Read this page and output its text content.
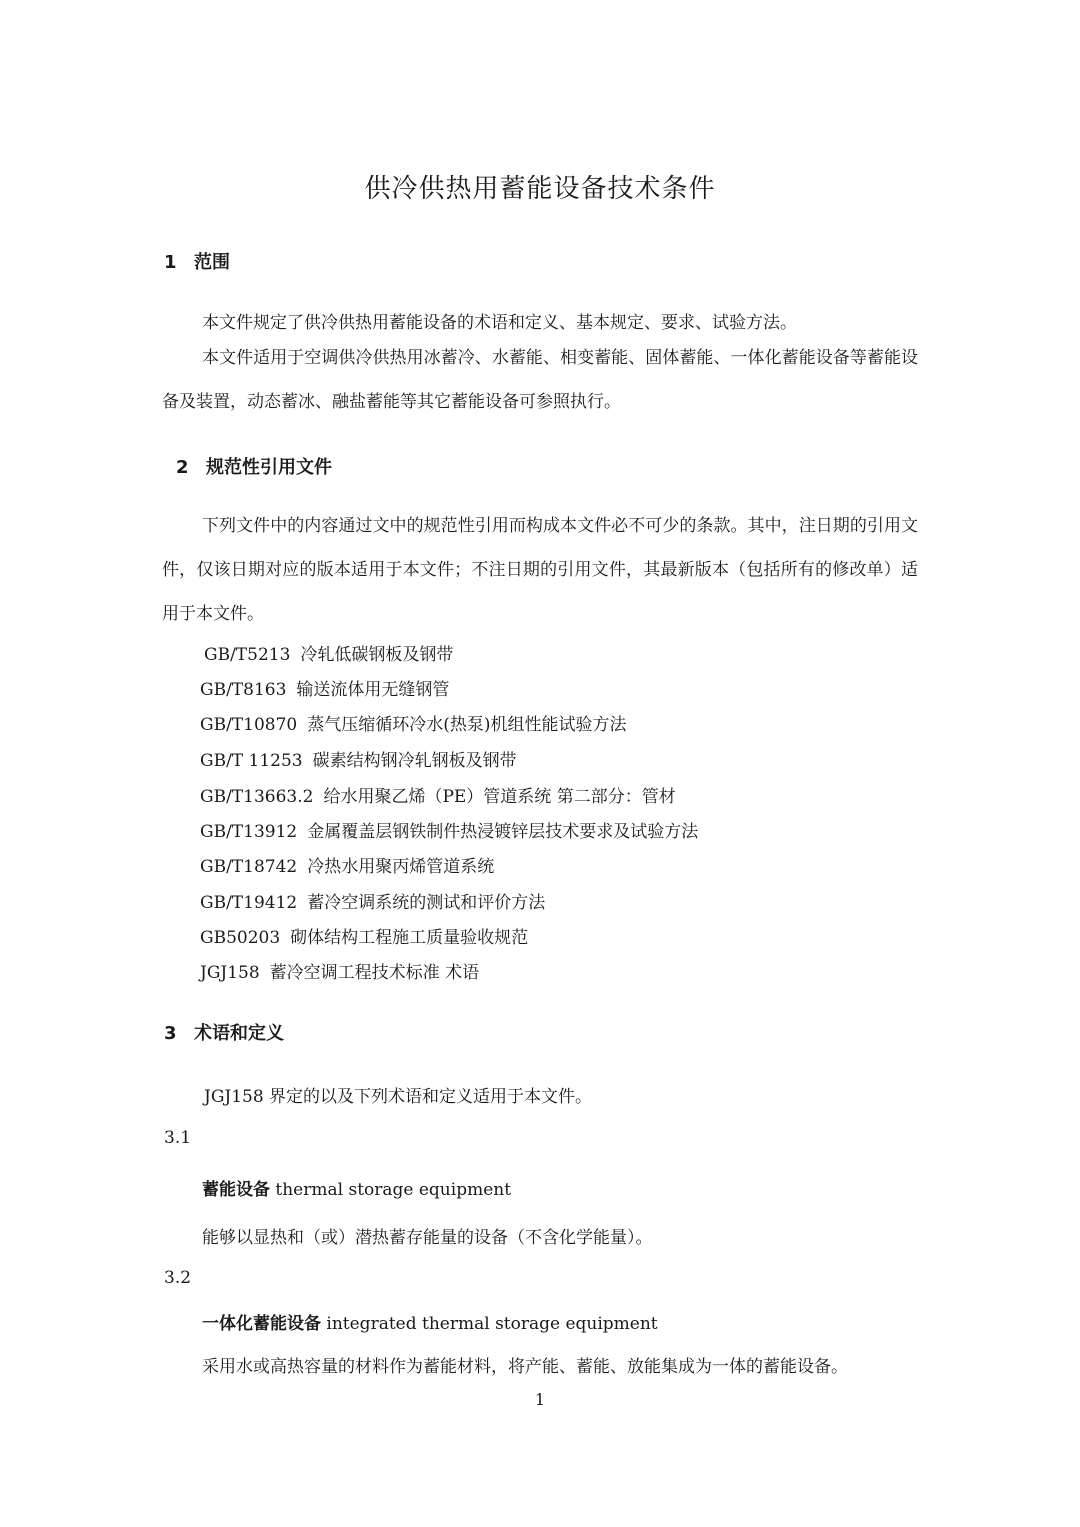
供冷供热用蓄能设备技术条件
1 范围
本文件规定了供冷供热用蓄能设备的术语和定义、基本规定、要求、试验方法。
本文件适用于空调供冷供热用冰蓄冷、水蓄能、相变蓄能、固体蓄能、一体化蓄能设备等蓄能设备及装置，动态蓄冰、融盐蓄能等其它蓄能设备可参照执行。
2 规范性引用文件
下列文件中的内容通过文中的规范性引用而构成本文件必不可少的条款。其中，注日期的引用文件，仅该日期对应的版本适用于本文件；不注日期的引用文件，其最新版本（包括所有的修改单）适用于本文件。
GB/T5213 冷轧低碳钢板及钢带
GB/T8163 输送流体用无缝钢管
GB/T10870 蒸气压缩循环冷水(热泵)机组性能试验方法
GB/T 11253 碳素结构钢冷轧钢板及钢带
GB/T13663.2 给水用聚乙烯（PE）管道系统 第二部分：管材
GB/T13912 金属覆盖层钢铁制件热浸镀锌层技术要求及试验方法
GB/T18742 冷热水用聚丙烯管道系统
GB/T19412 蓄冷空调系统的测试和评价方法
GB50203 砌体结构工程施工质量验收规范
JGJ158 蓄冷空调工程技术标准 术语
3 术语和定义
JGJ158 界定的以及下列术语和定义适用于本文件。
3.1
蓄能设备 thermal storage equipment
能够以显热和（或）潜热蓄存能量的设备（不含化学能量）。
3.2
一体化蓄能设备 integrated thermal storage equipment
采用水或高热容量的材料作为蓄能材料，将产能、蓄能、放能集成为一体的蓄能设备。
1
